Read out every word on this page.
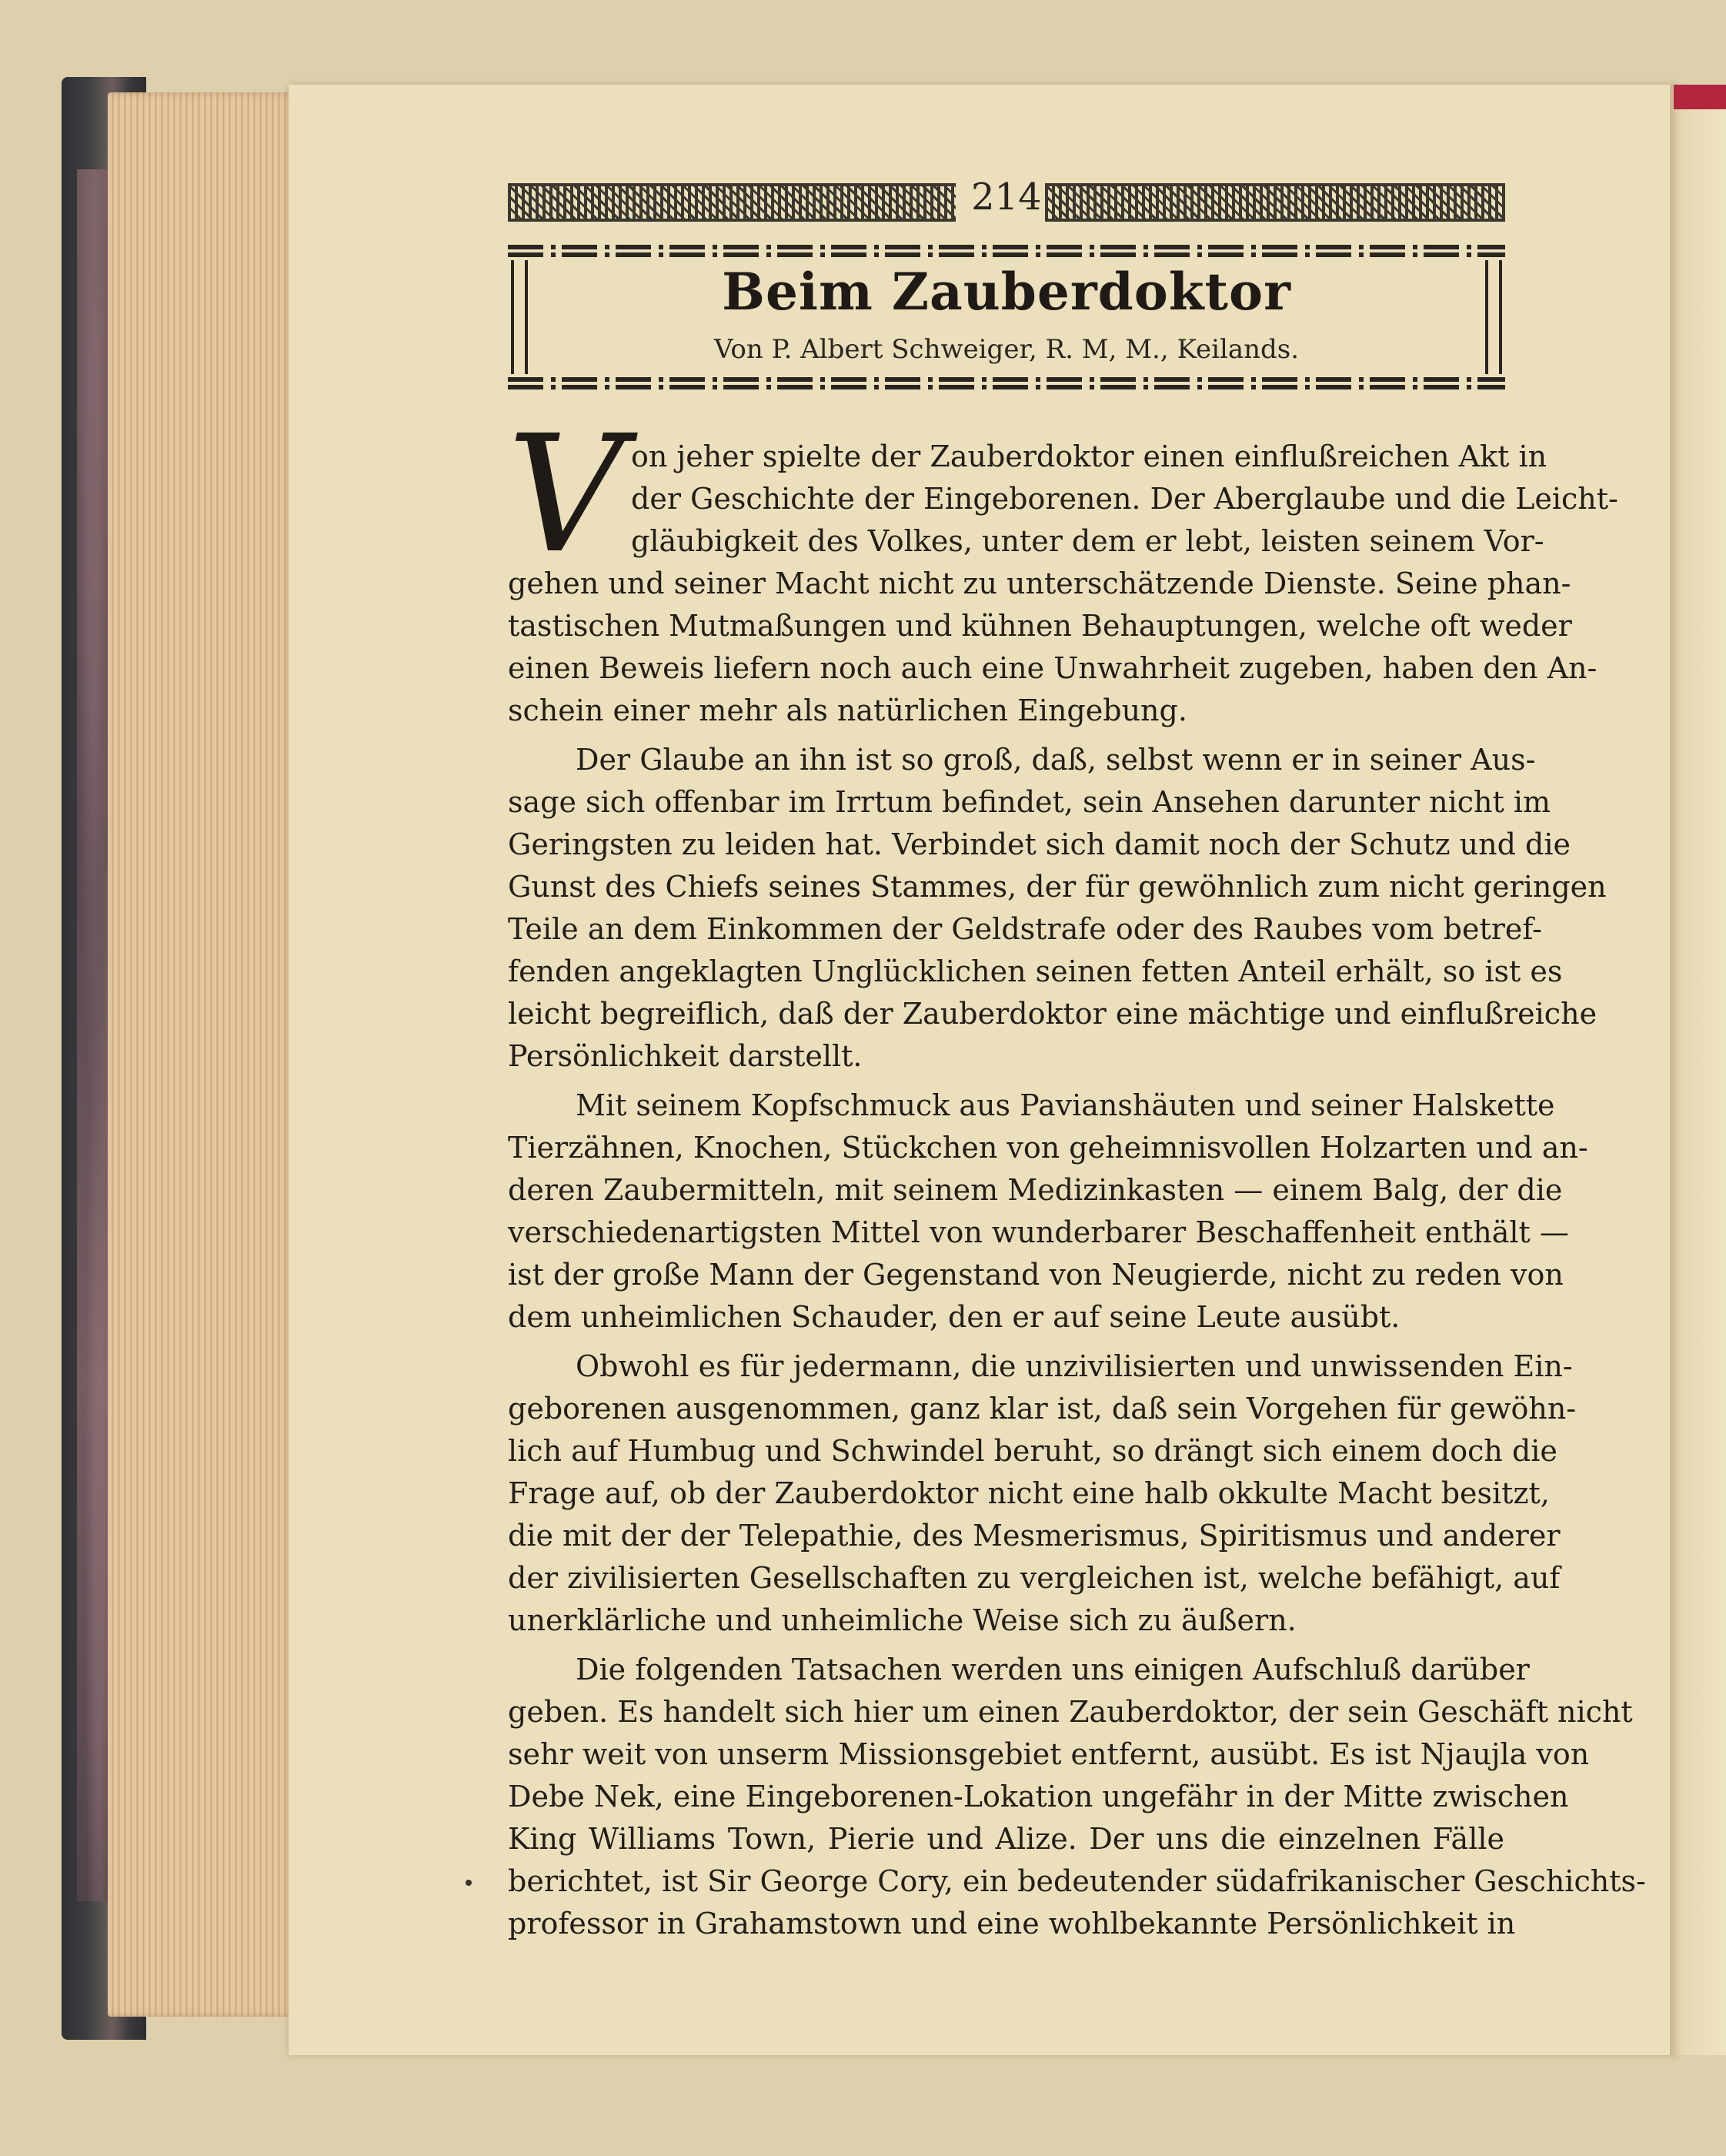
214
Beim Zauberdoktor
Von P. Albert Schweiger, R. M, M., Keilands.
V on jeher spielte der Zauberdoktor einen einflußreichen Akt in
der Geschichte der Eingeborenen. Der Aberglaube und die Leicht-
gläubigkeit des Volkes, unter dem er lebt, leisten seinem Vor-
gehen und seiner Macht nicht zu unterschätzende Dienste. Seine phan-
tastischen Mutmaßungen und kühnen Behauptungen, welche oft weder
einen Beweis liefern noch auch eine Unwahrheit zugeben, haben den An-
schein einer mehr als natürlichen Eingebung.
Der Glaube an ihn ist so groß, daß, selbst wenn er in seiner Aus-
sage sich offenbar im Irrtum befindet, sein Ansehen darunter nicht im
Geringsten zu leiden hat. Verbindet sich damit noch der Schutz und die
Gunst des Chiefs seines Stammes, der für gewöhnlich zum nicht geringen
Teile an dem Einkommen der Geldstrafe oder des Raubes vom betref-
fenden angeklagten Unglücklichen seinen fetten Anteil erhält, so ist es
leicht begreiflich, daß der Zauberdoktor eine mächtige und einflußreiche
Persönlichkeit darstellt.
Mit seinem Kopfschmuck aus Pavianshäuten und seiner Halskette
Tierzähnen, Knochen, Stückchen von geheimnisvollen Holzarten und an-
deren Zaubermitteln, mit seinem Medizinkasten — einem Balg, der die
verschiedenartigsten Mittel von wunderbarer Beschaffenheit enthält —
ist der große Mann der Gegenstand von Neugierde, nicht zu reden von
dem unheimlichen Schauder, den er auf seine Leute ausübt.
Obwohl es für jedermann, die unzivilisierten und unwissenden Ein-
geborenen ausgenommen, ganz klar ist, daß sein Vorgehen für gewöhn-
lich auf Humbug und Schwindel beruht, so drängt sich einem doch die
Frage auf, ob der Zauberdoktor nicht eine halb okkulte Macht besitzt,
die mit der der Telepathie, des Mesmerismus, Spiritismus und anderer
der zivilisierten Gesellschaften zu vergleichen ist, welche befähigt, auf
unerklärliche und unheimliche Weise sich zu äußern.
Die folgenden Tatsachen werden uns einigen Aufschluß darüber
geben. Es handelt sich hier um einen Zauberdoktor, der sein Geschäft nicht
sehr weit von unserm Missionsgebiet entfernt, ausübt. Es ist Njaujla von
Debe Nek, eine Eingeborenen-Lokation ungefähr in der Mitte zwischen
King Williams Town, Pierie und Alize. Der uns die einzelnen Fälle
berichtet, ist Sir George Cory, ein bedeutender südafrikanischer Geschichts-
professor in Grahamstown und eine wohlbekannte Persönlichkeit in
